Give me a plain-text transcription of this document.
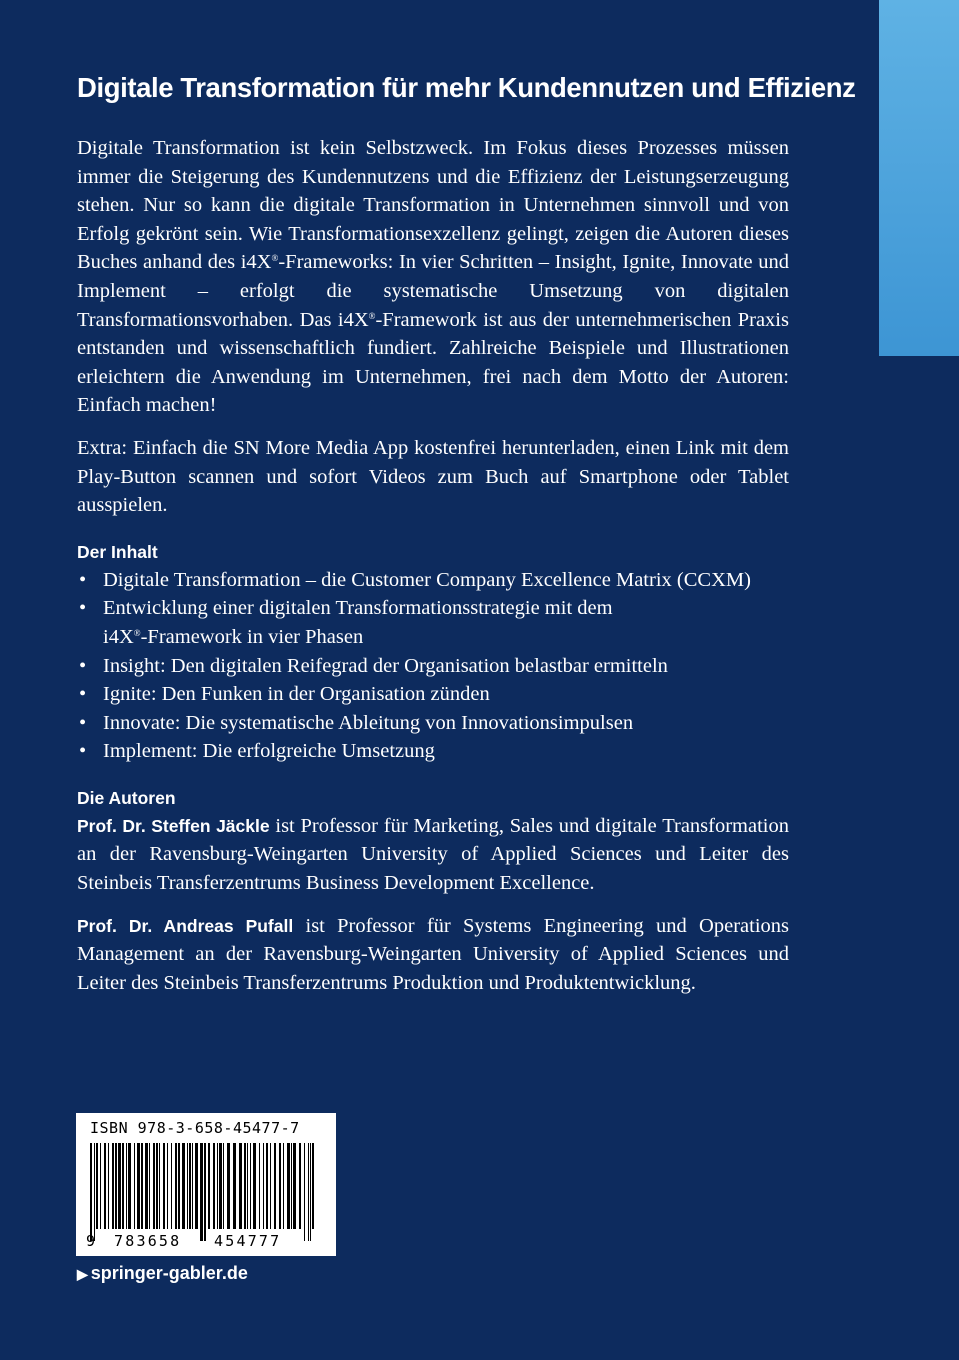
Digitale Transformation für mehr Kundennutzen und Effizienz

Digitale Transformation ist kein Selbstzweck. Im Fokus dieses Prozesses müssen immer die Steigerung des Kundennutzens und die Effizienz der Leistungserzeugung stehen. Nur so kann die digitale Transformation in Unternehmen sinnvoll und von Erfolg gekrönt sein. Wie Transformationsexzellenz gelingt, zeigen die Autoren dieses Buches anhand des i4X®-Frameworks: In vier Schritten – Insight, Ignite, Innovate und Implement – erfolgt die systematische Umsetzung von digitalen Transformationsvorhaben. Das i4X®-Framework ist aus der unternehmerischen Praxis entstanden und wissenschaftlich fundiert. Zahlreiche Beispiele und Illustrationen erleichtern die Anwendung im Unternehmen, frei nach dem Motto der Autoren: Einfach machen!

Extra: Einfach die SN More Media App kostenfrei herunterladen, einen Link mit dem Play-Button scannen und sofort Videos zum Buch auf Smartphone oder Tablet ausspielen.

Der Inhalt
• Digitale Transformation – die Customer Company Excellence Matrix (CCXM)
• Entwicklung einer digitalen Transformationsstrategie mit dem
i4X®-Framework in vier Phasen
• Insight: Den digitalen Reifegrad der Organisation belastbar ermitteln
• Ignite: Den Funken in der Organisation zünden
• Innovate: Die systematische Ableitung von Innovationsimpulsen
• Implement: Die erfolgreiche Umsetzung
Die Autoren

Prof. Dr. Steffen Jäckle ist Professor für Marketing, Sales und digitale Transformation an der Ravensburg-Weingarten University of Applied Sciences und Leiter des Steinbeis Transferzentrums Business Development Excellence.

Prof. Dr. Andreas Pufall ist Professor für Systems Engineering und Operations Management an der Ravensburg-Weingarten University of Applied Sciences und Leiter des Steinbeis Transferzentrums Produktion und Produktentwicklung.

ISBN 978-3-658-45477-7
9 783658 454777
▶ springer-gabler.de
